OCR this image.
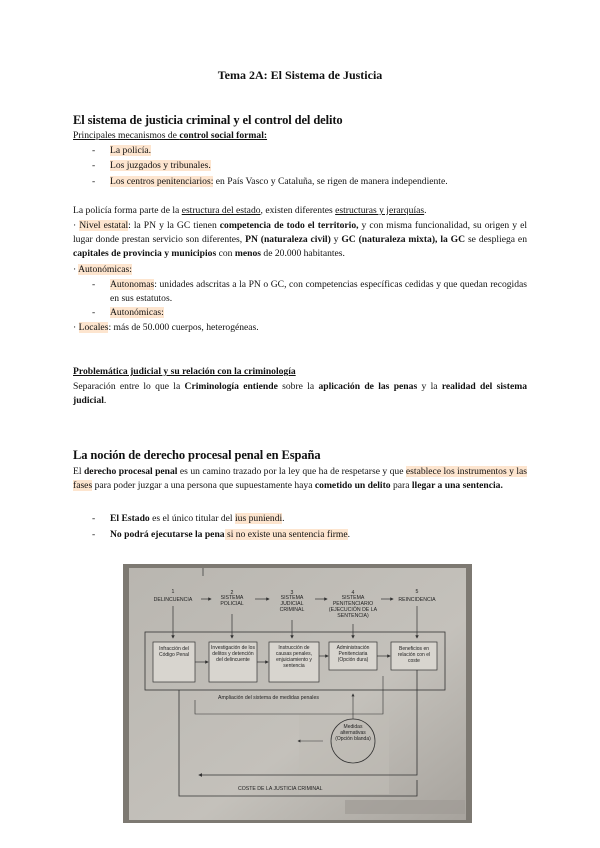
Tema 2A: El Sistema de Justicia
El sistema de justicia criminal y el control del delito
Principales mecanismos de control social formal:
- La policía.
- Los juzgados y tribunales.
- Los centros penitenciarios: en País Vasco y Cataluña, se rigen de manera independiente.
La policía forma parte de la estructura del estado, existen diferentes estructuras y jerarquías.
· Nivel estatal: la PN y la GC tienen competencia de todo el territorio, y con misma funcionalidad, su origen y el lugar donde prestan servicio son diferentes, PN (naturaleza civil) y GC (naturaleza mixta), la GC se despliega en capitales de provincia y municipios con menos de 20.000 habitantes.
· Autonómicas:
- Autonomas: unidades adscritas a la PN o GC, con competencias específicas cedidas y que quedan recogidas en sus estatutos.
- Autonómicas:
· Locales: más de 50.000 cuerpos, heterogéneas.
Problemática judicial y su relación con la criminología
Separación entre lo que la Criminología entiende sobre la aplicación de las penas y la realidad del sistema judicial.
La noción de derecho procesal penal en España
El derecho procesal penal es un camino trazado por la ley que ha de respetarse y que establece los instrumentos y las fases para poder juzgar a una persona que supuestamente haya cometido un delito para llegar a una sentencia.
- El Estado es el único titular del ius puniendi.
- No podrá ejecutarse la pena si no existe una sentencia firme.
1
DELINCUENCIA
2
SISTEMA POLICIAL
3
SISTEMA JUDICIAL CRIMINAL
4
SISTEMA PENITENCIARIO (EJECUCIÓN DE LA SENTENCIA)
5
REINCIDENCIA
Infracción del Código Penal
Investigación de los delitos y detención del delincuente
Instrucción de causas penales, enjuiciamiento y sentencia
Administración Penitenciaria (Opción dura)
Beneficios en relación con el coste
Ampliación del sistema de medidas penales
Medidas alternativas (Opción blanda)
COSTE DE LA JUSTICIA CRIMINAL
